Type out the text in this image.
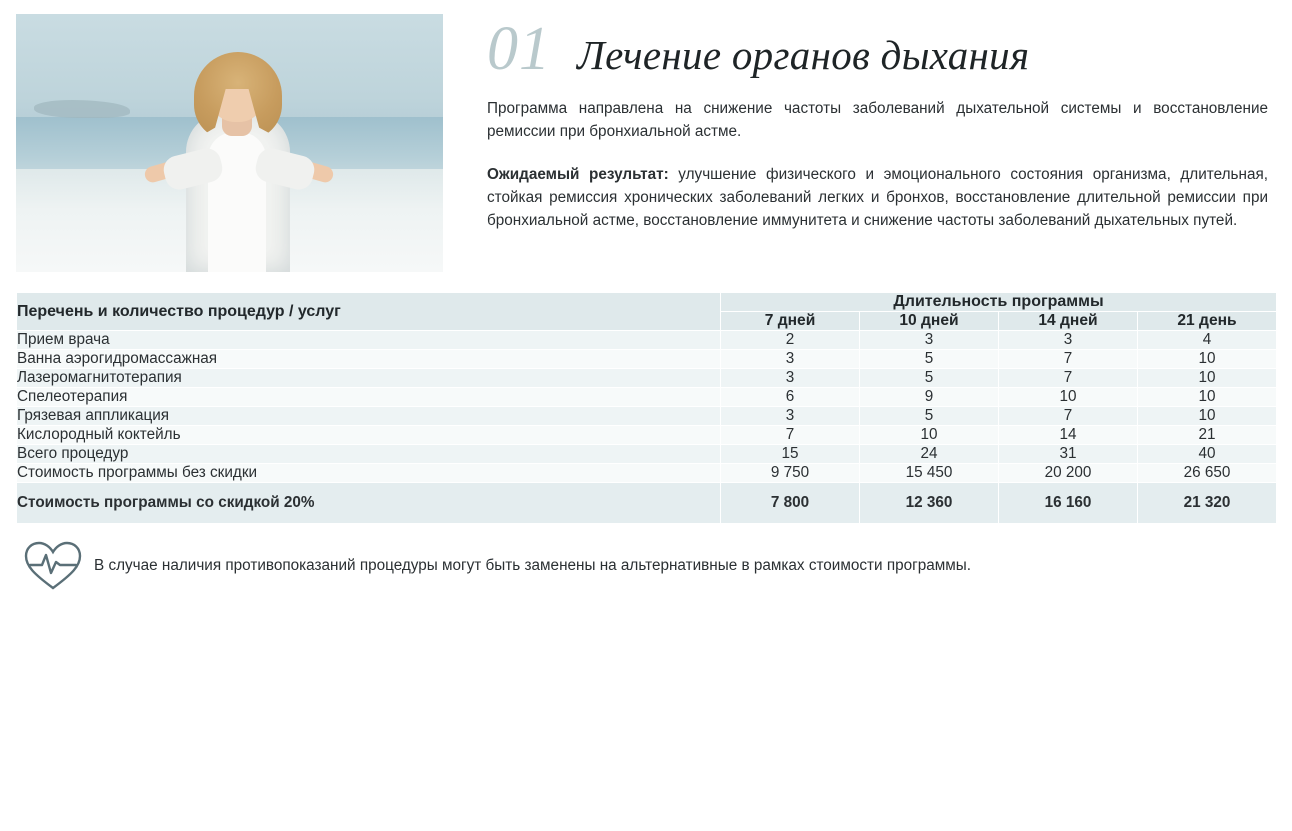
01 Лечение органов дыхания
Программа направлена на снижение частоты заболеваний дыхательной системы и восстановление ремиссии при бронхиальной астме.
Ожидаемый результат: улучшение физического и эмоционального состояния организма, длительная, стойкая ремиссия хронических заболеваний легких и бронхов, восстановление длительной ремиссии при бронхиальной астме, восстановление иммунитета и снижение частоты заболеваний дыхательных путей.
Перечень и количество процедур / услуг	Длительность программы			
	7 дней	10 дней	14 дней	21 день
Прием врача	2	3	3	4
Ванна аэрогидромассажная	3	5	7	10
Лазеромагнитотерапия	3	5	7	10
Спелеотерапия	6	9	10	10
Грязевая аппликация	3	5	7	10
Кислородный коктейль	7	10	14	21
Всего процедур	15	24	31	40
Стоимость программы без скидки	9 750	15 450	20 200	26 650
Стоимость программы со скидкой 20%	7 800	12 360	16 160	21 320
В случае наличия противопоказаний процедуры могут быть заменены на альтернативные в рамках стоимости программы.
